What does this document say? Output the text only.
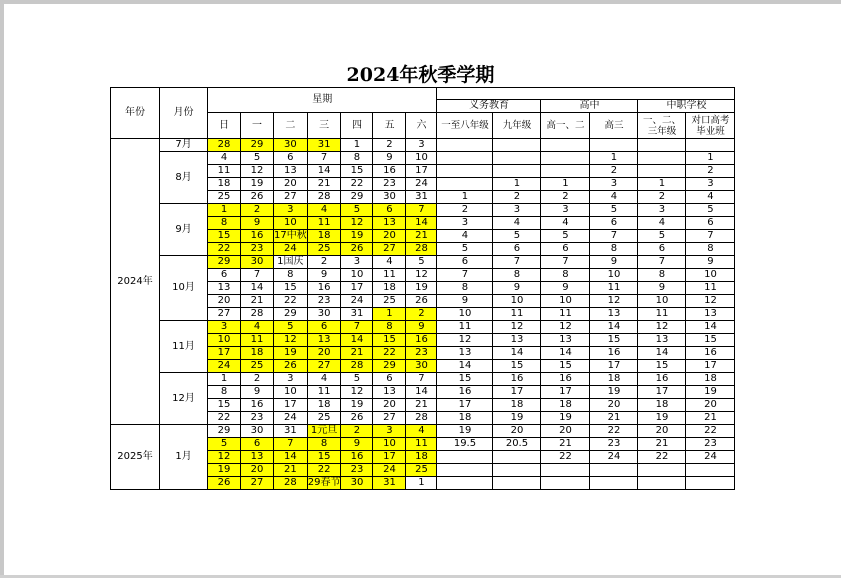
2024年秋季学期
年份	月份	星期												
									义务教育		高中		中职学校	
		日	一	二	三	四	五	六	一至八年级	九年级	高一、二	高三	一、二、
三年级	对口高考
毕业班
2024年	7月	28	29	30	31	1	2	3						
	8月	4	5	6	7	8	9	10				1		1
		11	12	13	14	15	16	17				2		2
		18	19	20	21	22	23	24		1	1	3	1	3
		25	26	27	28	29	30	31	1	2	2	4	2	4
	9月	1	2	3	4	5	6	7	2	3	3	5	3	5
		8	9	10	11	12	13	14	3	4	4	6	4	6
		15	16	17中秋	18	19	20	21	4	5	5	7	5	7
		22	23	24	25	26	27	28	5	6	6	8	6	8
	10月	29	30	1国庆	2	3	4	5	6	7	7	9	7	9
		6	7	8	9	10	11	12	7	8	8	10	8	10
		13	14	15	16	17	18	19	8	9	9	11	9	11
		20	21	22	23	24	25	26	9	10	10	12	10	12
		27	28	29	30	31	1	2	10	11	11	13	11	13
	11月	3	4	5	6	7	8	9	11	12	12	14	12	14
		10	11	12	13	14	15	16	12	13	13	15	13	15
		17	18	19	20	21	22	23	13	14	14	16	14	16
		24	25	26	27	28	29	30	14	15	15	17	15	17
	12月	1	2	3	4	5	6	7	15	16	16	18	16	18
		8	9	10	11	12	13	14	16	17	17	19	17	19
		15	16	17	18	19	20	21	17	18	18	20	18	20
		22	23	24	25	26	27	28	18	19	19	21	19	21
2025年	1月	29	30	31	1元旦	2	3	4	19	20	20	22	20	22
		5	6	7	8	9	10	11	19.5	20.5	21	23	21	23
		12	13	14	15	16	17	18			22	24	22	24
		19	20	21	22	23	24	25						
		26	27	28	29春节	30	31	1						
